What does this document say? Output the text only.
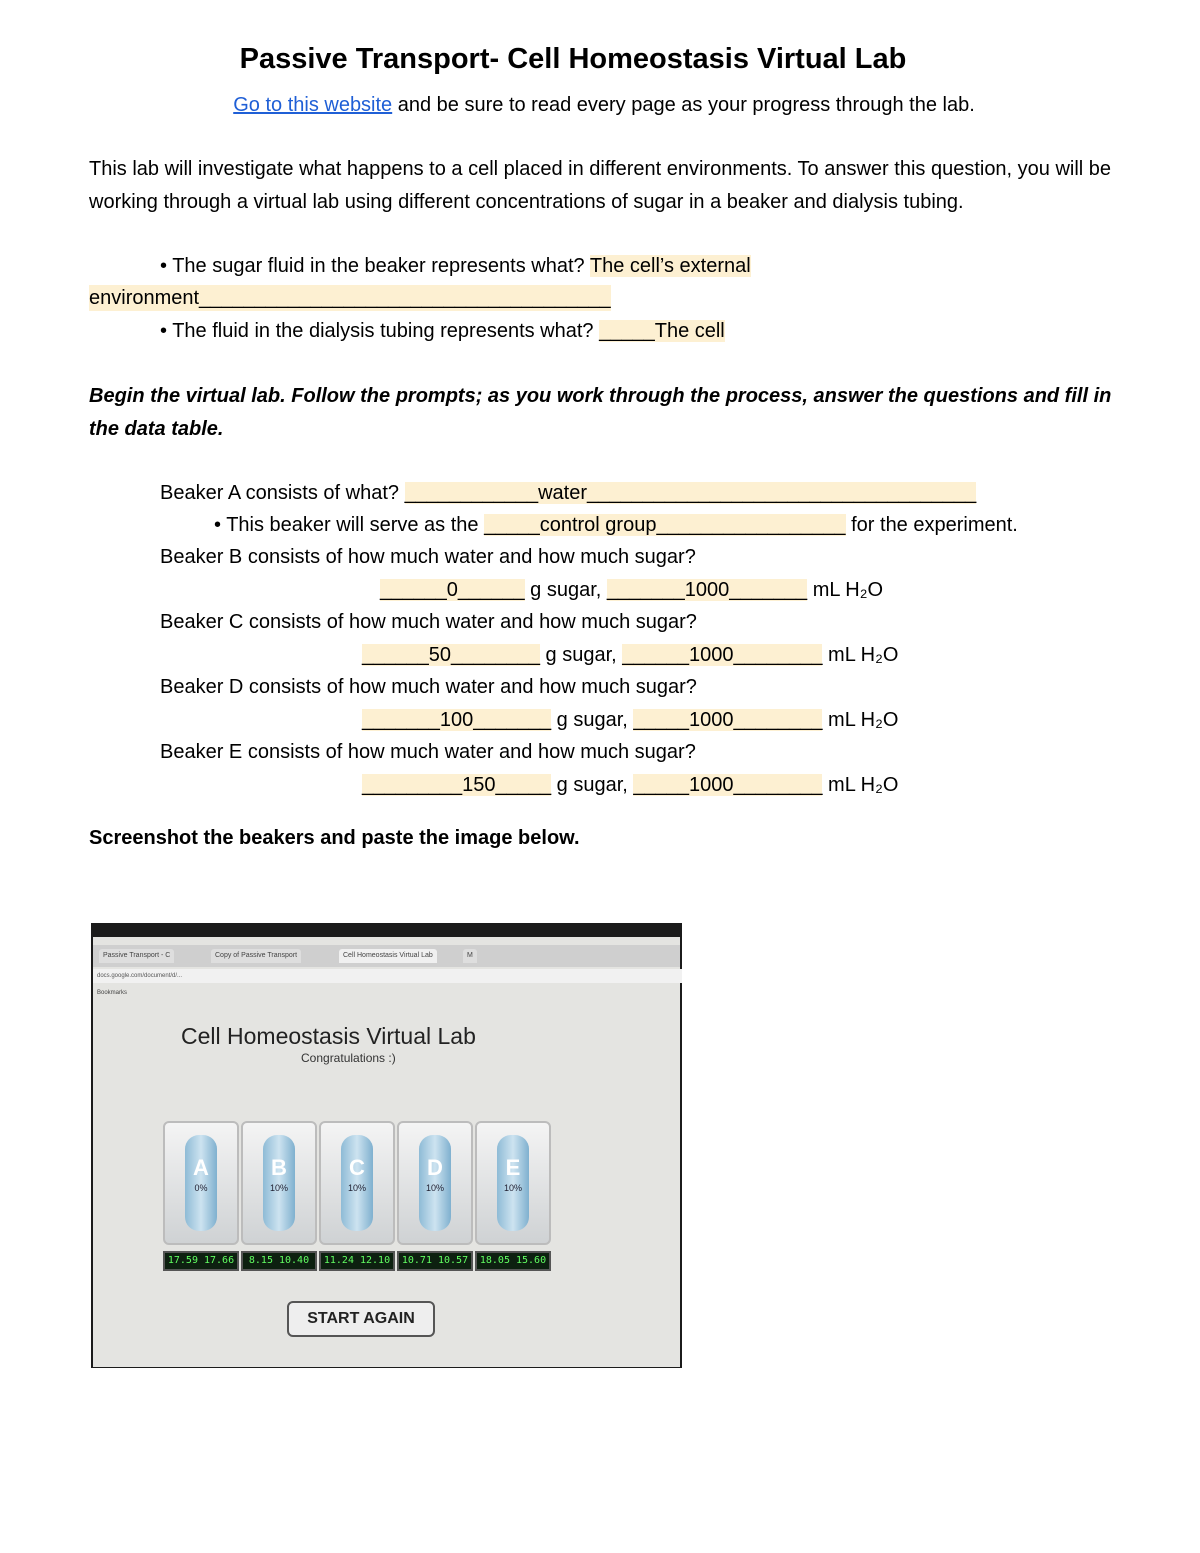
Passive Transport- Cell Homeostasis Virtual Lab
Go to this website and be sure to read every page as your progress through the lab.
This lab will investigate what happens to a cell placed in different environments. To answer this question, you will be working through a virtual lab using different concentrations of sugar in a beaker and dialysis tubing.
• The sugar fluid in the beaker represents what? The cell’s external
environment_____________________________________
• The fluid in the dialysis tubing represents what? _____The cell
Begin the virtual lab. Follow the prompts; as you work through the process, answer the questions and fill in the data table.
Beaker A consists of what? ____________water___________________________________
• This beaker will serve as the _____control group_________________ for the experiment.
Beaker B consists of how much water and how much sugar?
______0______ g sugar, _______1000_______ mL H₂O
Beaker C consists of how much water and how much sugar?
______50________ g sugar, ______1000________ mL H₂O
Beaker D consists of how much water and how much sugar?
_______100_______ g sugar, _____1000________ mL H₂O
Beaker E consists of how much water and how much sugar?
_________150_____ g sugar, _____1000________ mL H₂O
Screenshot the beakers and paste the image below.
Passive Transport - C	Copy of Passive Transport	Cell Homeostasis Virtual Lab	M
docs.google.com/document/d/...
Bookmarks
Cell Homeostasis Virtual Lab
Congratulations :)
A
0%
17.59 17.66
B
10%
8.15 10.40
C
10%
11.24 12.10
D
10%
10.71 10.57
E
10%
18.05 15.60
START AGAIN
